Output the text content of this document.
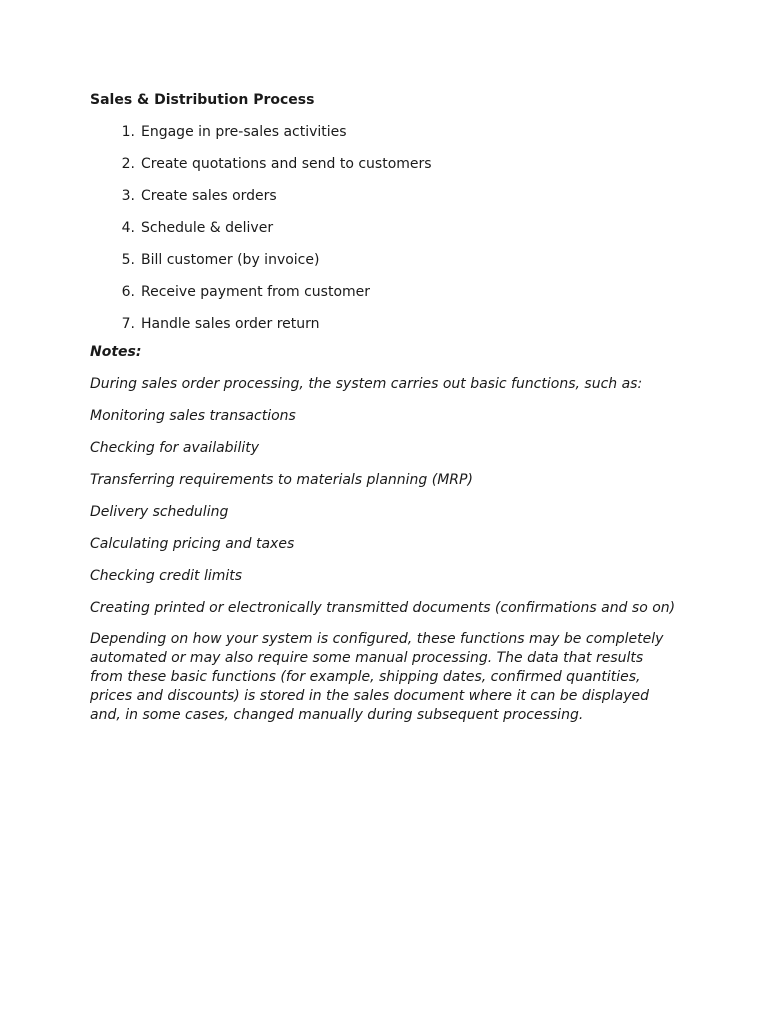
Sales & Distribution Process
1. Engage in pre-sales activities
2. Create quotations and send to customers
3. Create sales orders
4. Schedule & deliver
5. Bill customer (by invoice)
6. Receive payment from customer
7. Handle sales order return
Notes:
During sales order processing, the system carries out basic functions, such as:
Monitoring sales transactions
Checking for availability
Transferring requirements to materials planning (MRP)
Delivery scheduling
Calculating pricing and taxes
Checking credit limits
Creating printed or electronically transmitted documents (confirmations and so on)

Depending on how your system is configured, these functions may be completely automated or may also require some manual processing. The data that results from these basic functions (for example, shipping dates, confirmed quantities, prices and discounts) is stored in the sales document where it can be displayed and, in some cases, changed manually during subsequent processing.
